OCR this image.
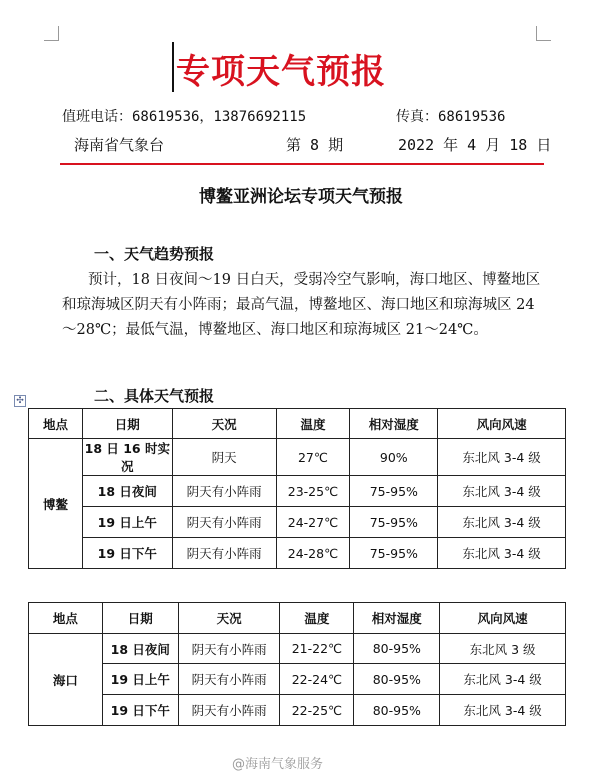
专项天气预报
值班电话：68619536，13876692115	传真：68619536
海南省气象台	第 8 期	2022 年 4 月 18 日
博鳌亚洲论坛专项天气预报
一、天气趋势预报
预计，18 日夜间～19 日白天，受弱冷空气影响，海口地区、博鳌地区和琼海城区阴天有小阵雨；最高气温，博鳌地区、海口地区和琼海城区 24～28℃；最低气温，博鳌地区、海口地区和琼海城区 21～24℃。
二、具体天气预报
✣
地点	日期	天况	温度	相对湿度	风向风速
博鳌	18 日 16 时实况	阴天	27℃	90%	东北风 3-4 级
	18 日夜间	阴天有小阵雨	23-25℃	75-95%	东北风 3-4 级
	19 日上午	阴天有小阵雨	24-27℃	75-95%	东北风 3-4 级
	19 日下午	阴天有小阵雨	24-28℃	75-95%	东北风 3-4 级
地点	日期	天况	温度	相对湿度	风向风速
海口	18 日夜间	阴天有小阵雨	21-22℃	80-95%	东北风 3 级
	19 日上午	阴天有小阵雨	22-24℃	80-95%	东北风 3-4 级
	19 日下午	阴天有小阵雨	22-25℃	80-95%	东北风 3-4 级
@海南气象服务
